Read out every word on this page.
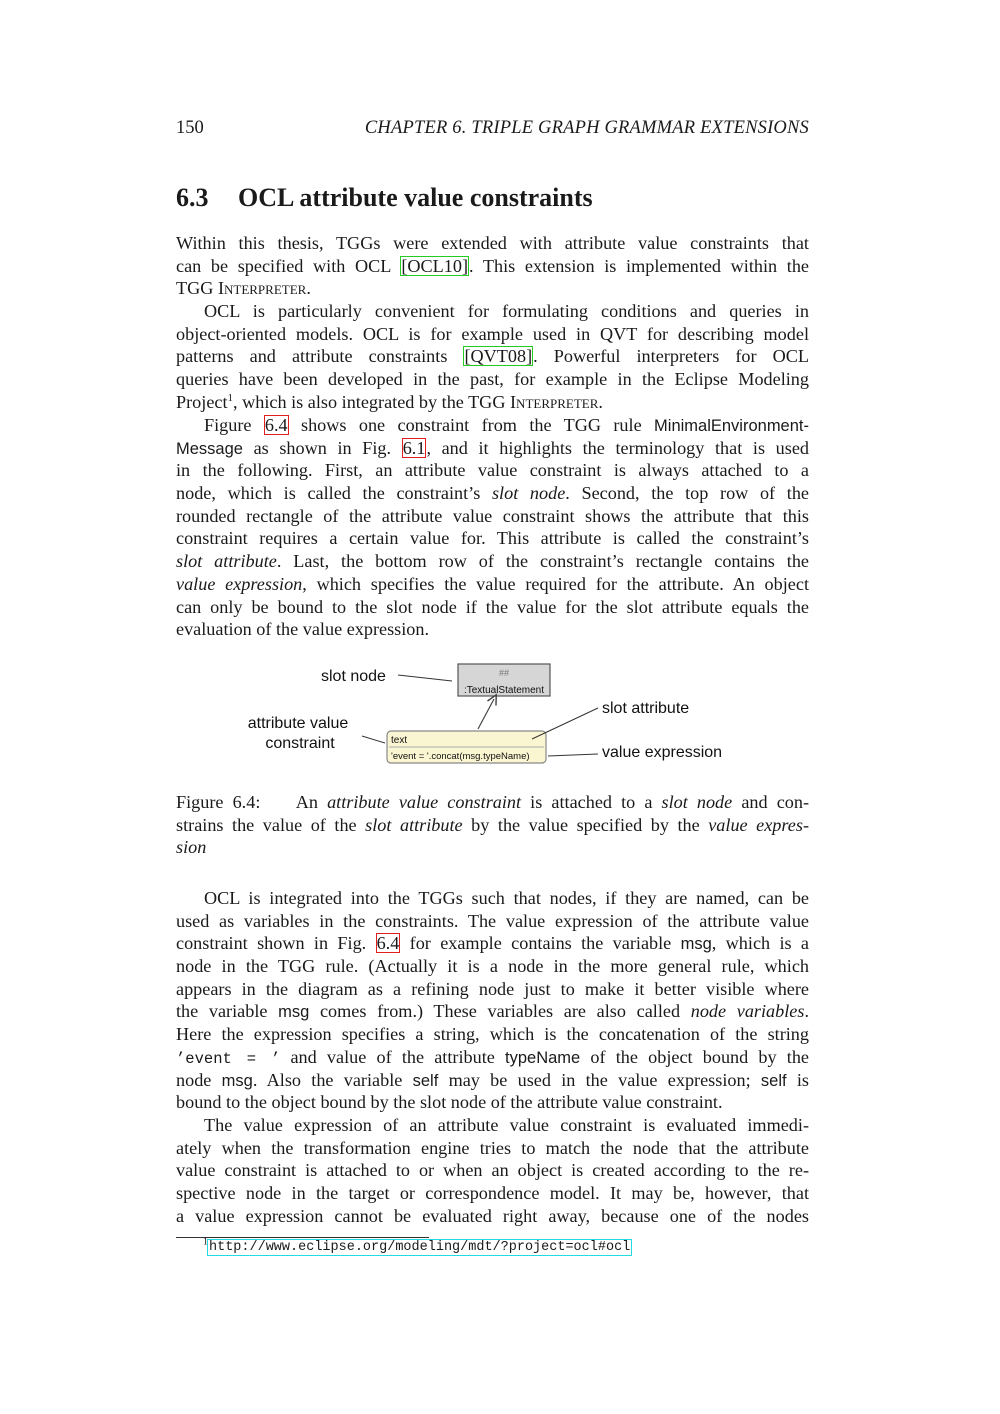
150	CHAPTER 6. TRIPLE GRAPH GRAMMAR EXTENSIONS
6.3 OCL attribute value constraints
Within this thesis, TGGs were extended with attribute value constraints that
can be specified with OCL [OCL10]. This extension is implemented within the
TGG Interpreter.
OCL is particularly convenient for formulating conditions and queries in
object-oriented models. OCL is for example used in QVT for describing model
patterns and attribute constraints [QVT08]. Powerful interpreters for OCL
queries have been developed in the past, for example in the Eclipse Modeling
Project$^1$, which is also integrated by the TGG Interpreter.
Figure 6.4 shows one constraint from the TGG rule MinimalEnvironment-
Message as shown in Fig. 6.1, and it highlights the terminology that is used
in the following. First, an attribute value constraint is always attached to a
node, which is called the constraint’s slot node. Second, the top row of the
rounded rectangle of the attribute value constraint shows the attribute that this
constraint requires a certain value for. This attribute is called the constraint’s
slot attribute. Last, the bottom row of the constraint’s rectangle contains the
value expression, which specifies the value required for the attribute. An object
can only be bound to the slot node if the value for the slot attribute equals the
evaluation of the value expression.
##
:TextualStatement
text
'event = '.concat(msg.typeName)
slot node
attribute value
constraint
slot attribute
value expression
Figure 6.4:    An attribute value constraint is attached to a slot node and con-
strains the value of the slot attribute by the value specified by the value expres-
sion
OCL is integrated into the TGGs such that nodes, if they are named, can be
used as variables in the constraints. The value expression of the attribute value
constraint shown in Fig. 6.4 for example contains the variable msg, which is a
node in the TGG rule. (Actually it is a node in the more general rule, which
appears in the diagram as a refining node just to make it better visible where
the variable msg comes from.) These variables are also called node variables.
Here the expression specifies a string, which is the concatenation of the string
’event = ’ and value of the attribute typeName of the object bound by the
node msg. Also the variable self may be used in the value expression; self is
bound to the object bound by the slot node of the attribute value constraint.
The value expression of an attribute value constraint is evaluated immedi-
ately when the transformation engine tries to match the node that the attribute
value constraint is attached to or when an object is created according to the re-
spective node in the target or correspondence model. It may be, however, that
a value expression cannot be evaluated right away, because one of the nodes
$^1$http://www.eclipse.org/modeling/mdt/?project=ocl#ocl
